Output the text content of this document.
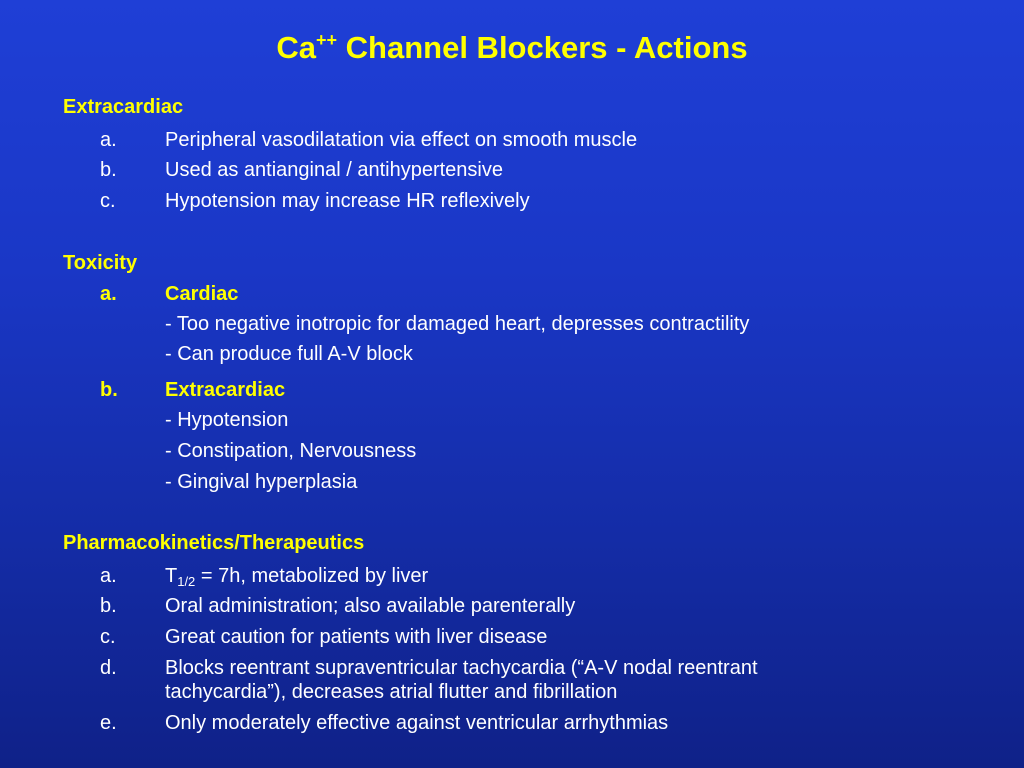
Ca++ Channel Blockers - Actions
Extracardiac
a. Peripheral vasodilatation via effect on smooth muscle
b. Used as antianginal / antihypertensive
c. Hypotension may increase HR reflexively
Toxicity
a. Cardiac
- Too negative inotropic for damaged heart, depresses contractility
- Can produce full A-V block
b. Extracardiac
- Hypotension
- Constipation, Nervousness
- Gingival hyperplasia
Pharmacokinetics/Therapeutics
a. $T_{1/2} = 7h$, metabolized by liver
b. Oral administration; also available parenterally
c. Great caution for patients with liver disease
d. Blocks reentrant supraventricular tachycardia (“A-V nodal reentrant
tachycardia”), decreases atrial flutter and fibrillation
e. Only moderately effective against ventricular arrhythmias
